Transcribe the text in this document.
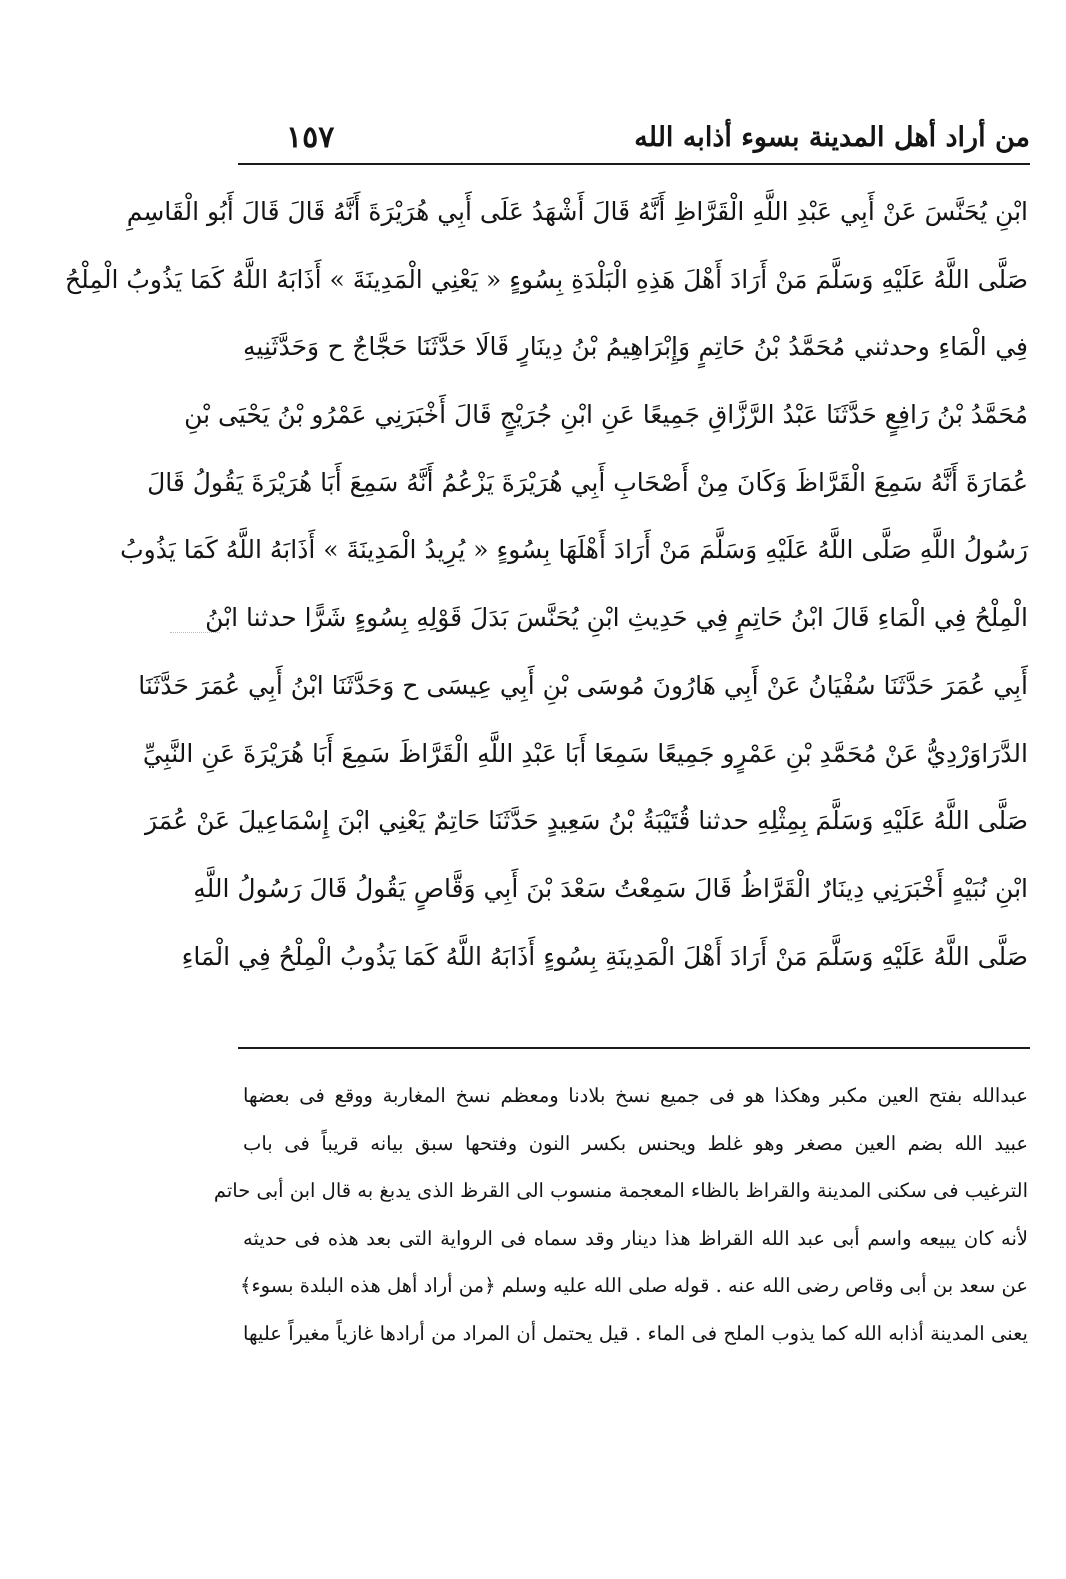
من أراد أهل المدينة بسوء أذابه الله
١٥٧
ابْنِ يُحَنَّسَ عَنْ أَبِي عَبْدِ اللَّهِ الْقَرَّاظِ أَنَّهُ قَالَ أَشْهَدُ عَلَى أَبِي هُرَيْرَةَ أَنَّهُ قَالَ قَالَ أَبُو الْقَاسِمِ
صَلَّى اللَّهُ عَلَيْهِ وَسَلَّمَ مَنْ أَرَادَ أَهْلَ هَذِهِ الْبَلْدَةِ بِسُوءٍ « يَعْنِي الْمَدِينَةَ » أَذَابَهُ اللَّهُ كَمَا يَذُوبُ الْمِلْحُ
فِي الْمَاءِ وحدثني مُحَمَّدُ بْنُ حَاتِمٍ وَإِبْرَاهِيمُ بْنُ دِينَارٍ قَالَا حَدَّثَنَا حَجَّاجٌ ح وَحَدَّثَنِيهِ
مُحَمَّدُ بْنُ رَافِعٍ حَدَّثَنَا عَبْدُ الرَّزَّاقِ جَمِيعًا عَنِ ابْنِ جُرَيْجٍ قَالَ أَخْبَرَنِي عَمْرُو بْنُ يَحْيَى بْنِ
عُمَارَةَ أَنَّهُ سَمِعَ الْقَرَّاظَ وَكَانَ مِنْ أَصْحَابِ أَبِي هُرَيْرَةَ يَزْعُمُ أَنَّهُ سَمِعَ أَبَا هُرَيْرَةَ يَقُولُ قَالَ
رَسُولُ اللَّهِ صَلَّى اللَّهُ عَلَيْهِ وَسَلَّمَ مَنْ أَرَادَ أَهْلَهَا بِسُوءٍ « يُرِيدُ الْمَدِينَةَ » أَذَابَهُ اللَّهُ كَمَا يَذُوبُ
الْمِلْحُ فِي الْمَاءِ قَالَ ابْنُ حَاتِمٍ فِي حَدِيثِ ابْنِ يُحَنَّسَ بَدَلَ قَوْلِهِ بِسُوءٍ شَرًّا حدثنا ابْنُ
أَبِي عُمَرَ حَدَّثَنَا سُفْيَانُ عَنْ أَبِي هَارُونَ مُوسَى بْنِ أَبِي عِيسَى ح وَحَدَّثَنَا ابْنُ أَبِي عُمَرَ حَدَّثَنَا
الدَّرَاوَرْدِيُّ عَنْ مُحَمَّدِ بْنِ عَمْرٍو جَمِيعًا سَمِعَا أَبَا عَبْدِ اللَّهِ الْقَرَّاظَ سَمِعَ أَبَا هُرَيْرَةَ عَنِ النَّبِيِّ
صَلَّى اللَّهُ عَلَيْهِ وَسَلَّمَ بِمِثْلِهِ حدثنا قُتَيْبَةُ بْنُ سَعِيدٍ حَدَّثَنَا حَاتِمٌ يَعْنِي ابْنَ إِسْمَاعِيلَ عَنْ عُمَرَ
ابْنِ نُبَيْهٍ أَخْبَرَنِي دِينَارٌ الْقَرَّاظُ قَالَ سَمِعْتُ سَعْدَ بْنَ أَبِي وَقَّاصٍ يَقُولُ قَالَ رَسُولُ اللَّهِ
صَلَّى اللَّهُ عَلَيْهِ وَسَلَّمَ مَنْ أَرَادَ أَهْلَ الْمَدِينَةِ بِسُوءٍ أَذَابَهُ اللَّهُ كَمَا يَذُوبُ الْمِلْحُ فِي الْمَاءِ
عبدالله بفتح العين مكبر وهكذا هو فى جميع نسخ بلادنا ومعظم نسخ المغاربة ووقع فى بعضها
عبيد الله بضم العين مصغر وهو غلط ويحنس بكسر النون وفتحها سبق بيانه قريباً فى باب
الترغيب فى سكنى المدينة والقراظ بالظاء المعجمة منسوب الى القرظ الذى يدبغ به قال ابن أبى حاتم
لأنه كان يبيعه واسم أبى عبد الله القراظ هذا دينار وقد سماه فى الرواية التى بعد هذه فى حديثه
عن سعد بن أبى وقاص رضى الله عنه . قوله صلى الله عليه وسلم ﴿من أراد أهل هذه البلدة بسوء﴾
يعنى المدينة أذابه الله كما يذوب الملح فى الماء . قيل يحتمل أن المراد من أرادها غازياً مغيراً عليها
